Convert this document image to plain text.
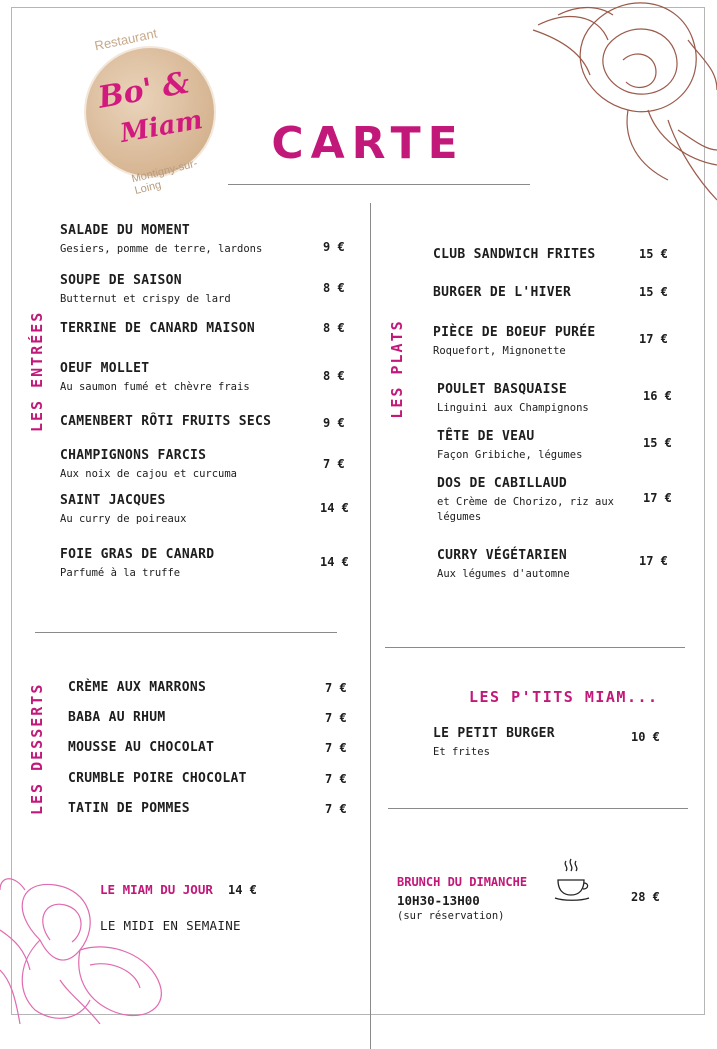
Restaurant
Bo' &
Miam
Montigny-sur-Loing
CARTE
LES ENTRÉES	LES PLATS
LES DESSERTS
SALADE DU MOMENT
Gesiers, pomme de terre, lardons	9 €
SOUPE DE SAISON
Butternut et crispy de lard
8 €
TERRINE DE CANARD MAISON	8 €
OEUF MOLLET
Au saumon fumé et chèvre frais
8 €
CAMENBERT RÔTI FRUITS SECS	9 €
CHAMPIGNONS FARCIS
Aux noix de cajou et curcuma
7 €
SAINT JACQUES
Au curry de poireaux
14 €
FOIE GRAS DE CANARD
Parfumé à la truffe
14 €
CLUB SANDWICH FRITES	15 €
BURGER DE L'HIVER	15 €
PIÈCE DE BOEUF PURÉE
Roquefort, Mignonette
17 €
POULET BASQUAISE
Linguini aux Champignons
16 €
TÊTE DE VEAU
Façon Gribiche, légumes
15 €
DOS DE CABILLAUD
et Crème de Chorizo, riz aux légumes
17 €
CURRY VÉGÉTARIEN
Aux légumes d'automne
17 €
CRÈME AUX MARRONS	7 €
BABA AU RHUM	7 €
MOUSSE AU CHOCOLAT	7 €
CRUMBLE POIRE CHOCOLAT	7 €
TATIN DE POMMES	7 €
LES P'TITS MIAM...
LE PETIT BURGER
Et frites
10 €
LE MIAM DU JOUR 14 €
LE MIDI EN SEMAINE
BRUNCH DU DIMANCHE
10H30-13H00
(sur réservation)
28 €
